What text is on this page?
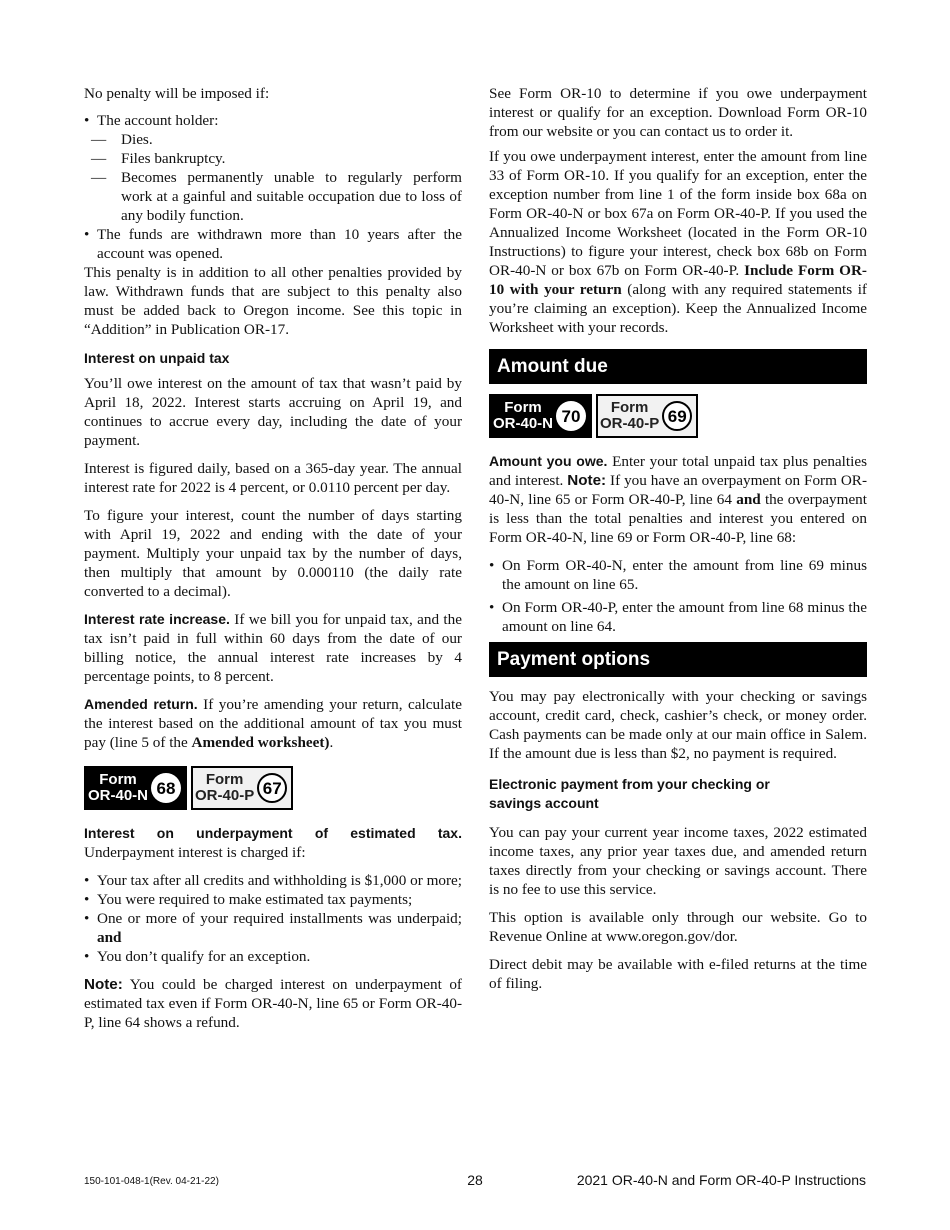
No penalty will be imposed if:

• The account holder:
— Dies.
— Files bankruptcy.
— Becomes permanently unable to regularly perform work at a gainful and suitable occupation due to loss of any bodily function.
• The funds are withdrawn more than 10 years after the account was opened.

This penalty is in addition to all other penalties provided by law. Withdrawn funds that are subject to this penalty also must be added back to Oregon income. See this topic in “Addition” in Publication OR-17.

Interest on unpaid tax

You’ll owe interest on the amount of tax that wasn’t paid by April 18, 2022. Interest starts accruing on April 19, and continues to accrue every day, including the date of your payment.

Interest is figured daily, based on a 365-day year. The annual interest rate for 2022 is 4 percent, or 0.0110 percent per day.

To figure your interest, count the number of days starting with April 19, 2022 and ending with the date of your payment. Multiply your unpaid tax by the number of days, then multiply that amount by 0.000110 (the daily rate converted to a decimal).

Interest rate increase. If we bill you for unpaid tax, and the tax isn’t paid in full within 60 days from the date of our billing notice, the annual interest rate increases by 4 percentage points, to 8 percent.

Amended return. If you’re amending your return, calculate the interest based on the additional amount of tax you must pay (line 5 of the Amended worksheet).

Form
OR-40-N 68	Form
OR-40-P 67

Interest on underpayment of estimated tax. Underpayment interest is charged if:

• Your tax after all credits and withholding is $1,000 or more;
• You were required to make estimated tax payments;
• One or more of your required installments was underpaid; and
• You don’t qualify for an exception.

Note: You could be charged interest on underpayment of estimated tax even if Form OR-40-N, line 65 or Form OR-40-P, line 64 shows a refund.

See Form OR-10 to determine if you owe underpayment interest or qualify for an exception. Download Form OR-10 from our website or you can contact us to order it.

If you owe underpayment interest, enter the amount from line 33 of Form OR-10. If you qualify for an exception, enter the exception number from line 1 of the form inside box 68a on Form OR-40-N or box 67a on Form OR-40-P. If you used the Annualized Income Worksheet (located in the Form OR-10 Instructions) to figure your interest, check box 68b on Form OR-40-N or box 67b on Form OR-40-P. Include Form OR-10 with your return (along with any required statements if you’re claiming an exception). Keep the Annualized Income Worksheet with your records.

Amount due
Form
OR-40-N 70	Form
OR-40-P 69

Amount you owe. Enter your total unpaid tax plus penalties and interest. Note: If you have an overpayment on Form OR-40-N, line 65 or Form OR-40-P, line 64 and the overpayment is less than the total penalties and interest you entered on Form OR-40-N, line 69 or Form OR-40-P, line 68:

• On Form OR-40-N, enter the amount from line 69 minus the amount on line 65.
• On Form OR-40-P, enter the amount from line 68 minus the amount on line 64.
Payment options

You may pay electronically with your checking or savings account, credit card, check, cashier’s check, or money order. Cash payments can be made only at our main office in Salem. If the amount due is less than $2, no payment is required.

Electronic payment from your checking or
savings account

You can pay your current year income taxes, 2022 estimated income taxes, any prior year taxes due, and amended return taxes directly from your checking or savings account. There is no fee to use this service.

This option is available only through our website. Go to Revenue Online at www.oregon.gov/dor.

Direct debit may be available with e-filed returns at the time of filing.

150-101-048-1(Rev. 04-21-22)	28	2021 OR-40-N and Form OR-40-P Instructions
